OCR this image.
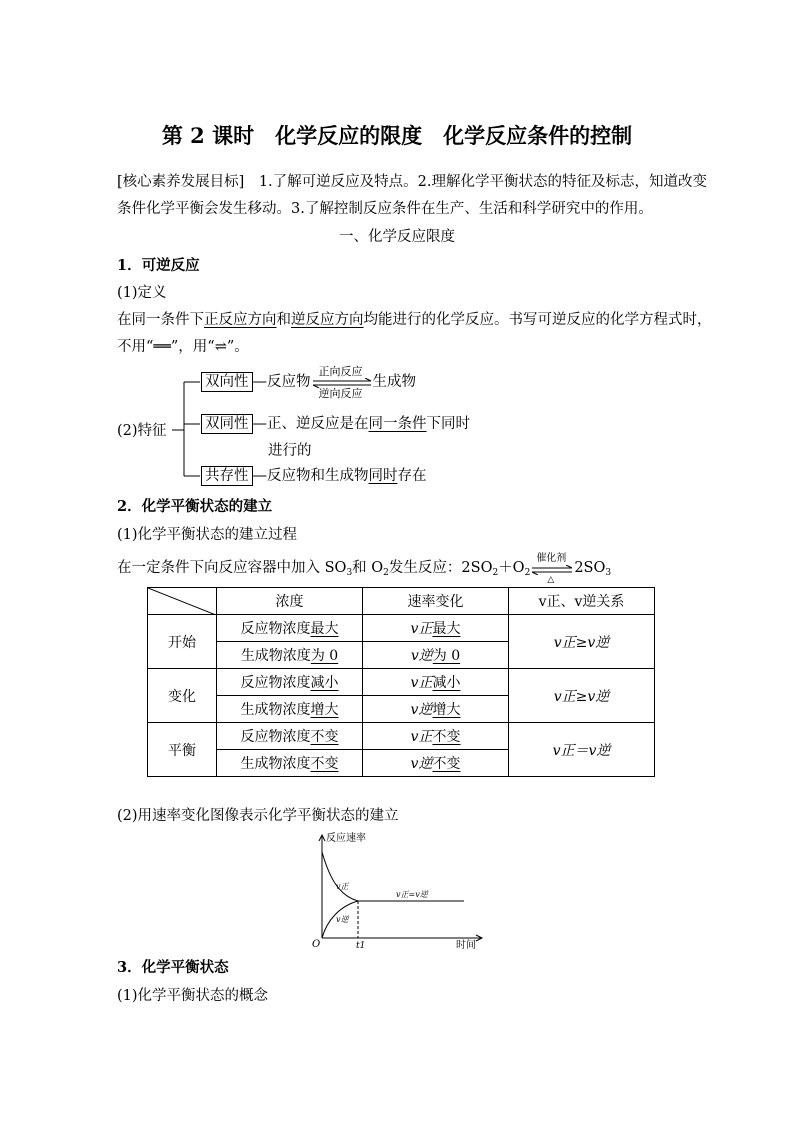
第 2 课时　化学反应的限度　化学反应条件的控制
[核心素养发展目标]　1.了解可逆反应及特点。2.理解化学平衡状态的特征及标志，知道改变
条件化学平衡会发生移动。3.了解控制反应条件在生产、生活和科学研究中的作用。
一、化学反应限度
1．可逆反应
(1)定义
在同一条件下正反应方向和逆反应方向均能进行的化学反应。书写可逆反应的化学方程式时，
不用“══”，用“⇌”。
(2)特征
双向性 —反应物
正向反应
逆向反应
生成物
双同性 —正、逆反应是在同一条件下同时
进行的
共存性 —反应物和生成物同时存在
2．化学平衡状态的建立
(1)化学平衡状态的建立过程
在一定条件下向反应容器中加入 $SO_3$和 $O_2$发生反应：$2SO_2+O_2$
催化剂
△
$2SO_3$
	浓度	速率变化	v正、v逆关系
开始	反应物浓度最大	v正最大	v正≥v逆
	生成物浓度为 0	v逆为 0	
变化	反应物浓度减小	v正减小	v正≥v逆
	生成物浓度增大	v逆增大	
平衡	反应物浓度不变	v正不变	v正＝v逆
	生成物浓度不变	v逆不变	
(2)用速率变化图像表示化学平衡状态的建立
反应速率
时间
O	t1
v正
v逆
v正=v逆
3．化学平衡状态
(1)化学平衡状态的概念
